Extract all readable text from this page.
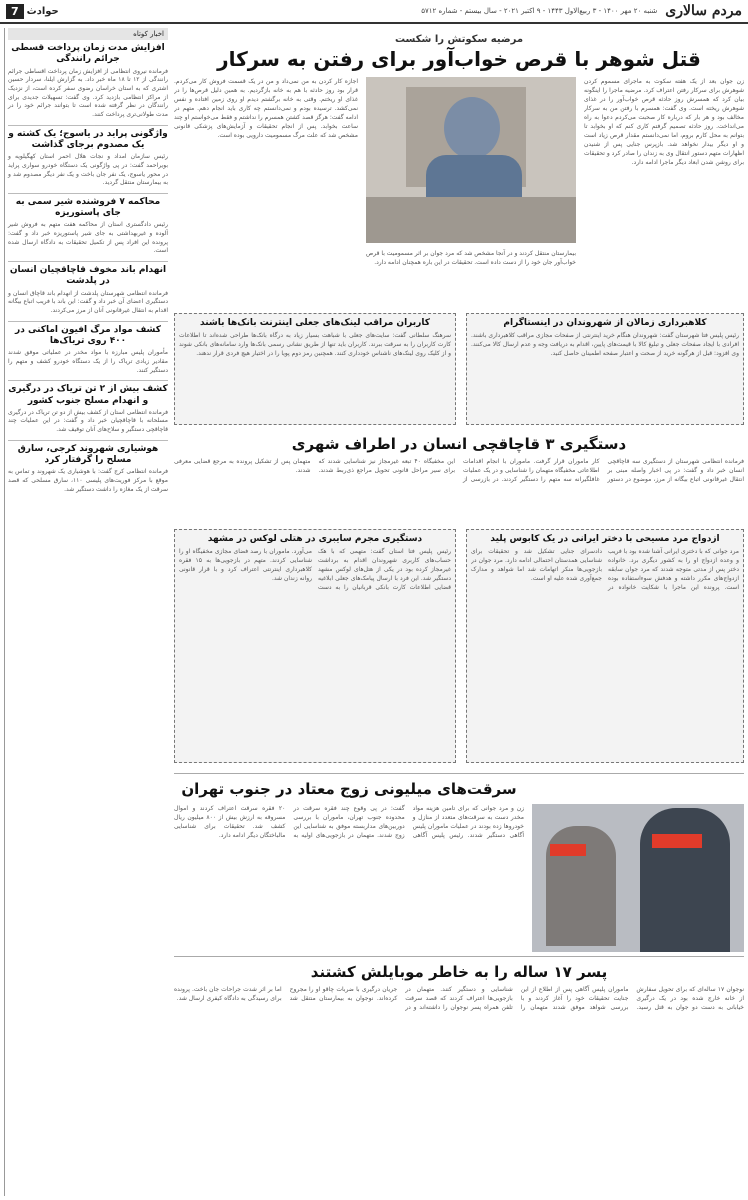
مردم سالاری
شنبه ۲۰ مهر ۱۴۰۰ - ۳ ربیع‌الاول ۱۴۴۳ - ۹ اکتبر ۲۰۲۱ - سال بیستم - شماره ۵۷۱۲
حوادث
7
اخبار کوتاه
افزایش مدت زمان پرداخت قسطی جرائم رانندگی

فرمانده نیروی انتظامی از افزایش زمان پرداخت اقساطی جرائم رانندگی از ۱۲ تا ۱۸ ماه خبر داد. به گزارش ایلنا، سردار حسین اشتری که به استان خراسان رضوی سفر کرده است، از نزدیک از مراکز انتظامی بازدید کرد. وی گفت: تسهیلات جدیدی برای رانندگان در نظر گرفته شده است تا بتوانند جرائم خود را در مدت طولانی‌تری پرداخت کنند.

واژگونی پراید در یاسوج؛ یک کشته و یک مصدوم برجای گذاشت

رئیس سازمان امداد و نجات هلال احمر استان کهگیلویه و بویراحمد گفت: در پی واژگونی یک دستگاه خودرو سواری پراید در محور یاسوج، یک نفر جان باخت و یک نفر دیگر مصدوم شد و به بیمارستان منتقل گردید.

محاکمه ۷ فروشنده شیر سمی به جای پاستوریزه

رئیس دادگستری استان از محاکمه هفت متهم به فروش شیر آلوده و غیربهداشتی به جای شیر پاستوریزه خبر داد و گفت: پرونده این افراد پس از تکمیل تحقیقات به دادگاه ارسال شده است.

انهدام باند مخوف قاچاقچیان انسان در پلدشت

فرمانده انتظامی شهرستان پلدشت از انهدام باند قاچاق انسان و دستگیری اعضای آن خبر داد و گفت: این باند با فریب اتباع بیگانه اقدام به انتقال غیرقانونی آنان از مرز می‌کردند.

کشف مواد مرگ افیون اماکنی در ۴۰۰ روی تریاک‌ها

مأموران پلیس مبارزه با مواد مخدر در عملیاتی موفق شدند مقادیر زیادی تریاک را از یک دستگاه خودرو کشف و متهم را دستگیر کنند.

کشف بیش از ۲ تن تریاک در درگیری و انهدام مسلح جنوب کشور

فرمانده انتظامی استان از کشف بیش از دو تن تریاک در درگیری مسلحانه با قاچاقچیان خبر داد و گفت: در این عملیات چند قاچاقچی دستگیر و سلاح‌های آنان توقیف شد.

هوشیاری شهروند کرجی، سارق مسلح را گرفتار کرد

فرمانده انتظامی کرج گفت: با هوشیاری یک شهروند و تماس به موقع با مرکز فوریت‌های پلیسی ۱۱۰، سارق مسلحی که قصد سرقت از یک مغازه را داشت دستگیر شد.

مرضیه سکوتش را شکست
قتل شوهر با قرص خواب‌آور برای رفتن به سرکار
زن جوان بعد از یک هفته سکوت به ماجرای مسموم کردن شوهرش برای سرکار رفتن اعتراف کرد. مرضیه ماجرا را اینگونه بیان کرد که همسرش روز حادثه قرص خواب‌آور را در غذای شوهرش ریخته است. وی گفت: همسرم با رفتن من به سرکار مخالف بود و هر بار که درباره کار صحبت می‌کردم دعوا به راه می‌انداخت. روز حادثه تصمیم گرفتم کاری کنم که او بخوابد تا بتوانم به محل کارم بروم، اما نمی‌دانستم مقدار قرص زیاد است و او دیگر بیدار نخواهد شد. بازپرس جنایی پس از شنیدن اظهارات متهم دستور انتقال وی به زندان را صادر کرد و تحقیقات برای روشن شدن ابعاد دیگر ماجرا ادامه دارد.
بیمارستان منتقل کردند و در آنجا مشخص شد که مرد جوان بر اثر مسمومیت با قرص خواب‌آور جان خود را از دست داده است. تحقیقات در این باره همچنان ادامه دارد.
اجازه کار کردن به من نمی‌داد و من در یک قسمت فروش کار می‌کردم. قرار بود روز حادثه با هم به خانه بازگردیم. به همین دلیل قرص‌ها را در غذای او ریختم. وقتی به خانه برگشتم دیدم او روی زمین افتاده و نفس نمی‌کشد. ترسیده بودم و نمی‌دانستم چه کاری باید انجام دهم. متهم در ادامه گفت: هرگز قصد کشتن همسرم را نداشتم و فقط می‌خواستم او چند ساعت بخوابد. پس از انجام تحقیقات و آزمایش‌های پزشکی قانونی مشخص شد که علت مرگ مسمومیت دارویی بوده است.
کلاهبرداری زمالان از شهروندان در اینستاگرام
رئیس پلیس فتا شهرستان گفت: شهروندان هنگام خرید اینترنتی از صفحات مجازی مراقب کلاهبرداری باشند. افرادی با ایجاد صفحات جعلی و تبلیغ کالا با قیمت‌های پایین، اقدام به دریافت وجه و عدم ارسال کالا می‌کنند. وی افزود: قبل از هرگونه خرید از صحت و اعتبار صفحه اطمینان حاصل کنید.
کاربران مراقب لینک‌های جعلی اینترنت بانک‌ها باشند
سرهنگ سلطانی گفت: سایت‌های جعلی با شباهت بسیار زیاد به درگاه بانک‌ها طراحی شده‌اند تا اطلاعات کارت کاربران را به سرقت ببرند. کاربران باید تنها از طریق نشانی رسمی بانک‌ها وارد سامانه‌های بانکی شوند و از کلیک روی لینک‌های ناشناس خودداری کنند. همچنین رمز دوم پویا را در اختیار هیچ فردی قرار ندهند.
دستگیری ۳ قاچاقچی انسان در اطراف شهری
فرمانده انتظامی شهرستان از دستگیری سه قاچاقچی انسان خبر داد و گفت: در پی اخبار واصله مبنی بر انتقال غیرقانونی اتباع بیگانه از مرز، موضوع در دستور کار ماموران قرار گرفت. ماموران با انجام اقدامات اطلاعاتی مخفیگاه متهمان را شناسایی و در یک عملیات غافلگیرانه سه متهم را دستگیر کردند. در بازرسی از این مخفیگاه ۴۰ تبعه غیرمجاز نیز شناسایی شدند که برای سیر مراحل قانونی تحویل مراجع ذی‌ربط شدند. متهمان پس از تشکیل پرونده به مرجع قضایی معرفی شدند.
ازدواج مرد مسیحی با دختر ایرانی در یک کابوس پلید
مرد جوانی که با دختری ایرانی آشنا شده بود با فریب و وعده ازدواج او را به کشور دیگری برد. خانواده دختر پس از مدتی متوجه شدند که مرد جوان سابقه ازدواج‌های مکرر داشته و هدفش سوءاستفاده بوده است. پرونده این ماجرا با شکایت خانواده در دادسرای جنایی تشکیل شد و تحقیقات برای شناسایی همدستان احتمالی ادامه دارد. مرد جوان در بازجویی‌ها منکر اتهامات شد اما شواهد و مدارک جمع‌آوری شده علیه او است.
دستگیری مجرم سایبری در هتلی لوکس در مشهد
رئیس پلیس فتا استان گفت: متهمی که با هک حساب‌های کاربری شهروندان اقدام به برداشت غیرمجاز کرده بود در یکی از هتل‌های لوکس مشهد دستگیر شد. این فرد با ارسال پیامک‌های جعلی ابلاغیه قضایی اطلاعات کارت بانکی قربانیان را به دست می‌آورد. ماموران با رصد فضای مجازی مخفیگاه او را شناسایی کردند. متهم در بازجویی‌ها به ۱۵ فقره کلاهبرداری اینترنتی اعتراف کرد و با قرار قانونی روانه زندان شد.
سرقت‌های میلیونی زوج معتاد در جنوب تهران
زن و مرد جوانی که برای تامین هزینه مواد مخدر دست به سرقت‌های متعدد از منازل و خودروها زده بودند در عملیات ماموران پلیس آگاهی دستگیر شدند. رئیس پلیس آگاهی گفت: در پی وقوع چند فقره سرقت در محدوده جنوب تهران، ماموران با بررسی دوربین‌های مداربسته موفق به شناسایی این زوج شدند. متهمان در بازجویی‌های اولیه به ۲۰ فقره سرقت اعتراف کردند و اموال مسروقه به ارزش بیش از ۸۰۰ میلیون ریال کشف شد. تحقیقات برای شناسایی مالباختگان دیگر ادامه دارد.
پسر ۱۷ ساله را به خاطر موبایلش کشتند
نوجوان ۱۷ ساله‌ای که برای تحویل سفارش از خانه خارج شده بود در یک درگیری خیابانی به دست دو جوان به قتل رسید. ماموران پلیس آگاهی پس از اطلاع از این جنایت تحقیقات خود را آغاز کردند و با بررسی شواهد موفق شدند متهمان را شناسایی و دستگیر کنند. متهمان در بازجویی‌ها اعتراف کردند که قصد سرقت تلفن همراه پسر نوجوان را داشته‌اند و در جریان درگیری با ضربات چاقو او را مجروح کرده‌اند. نوجوان به بیمارستان منتقل شد اما بر اثر شدت جراحات جان باخت. پرونده برای رسیدگی به دادگاه کیفری ارسال شد.
